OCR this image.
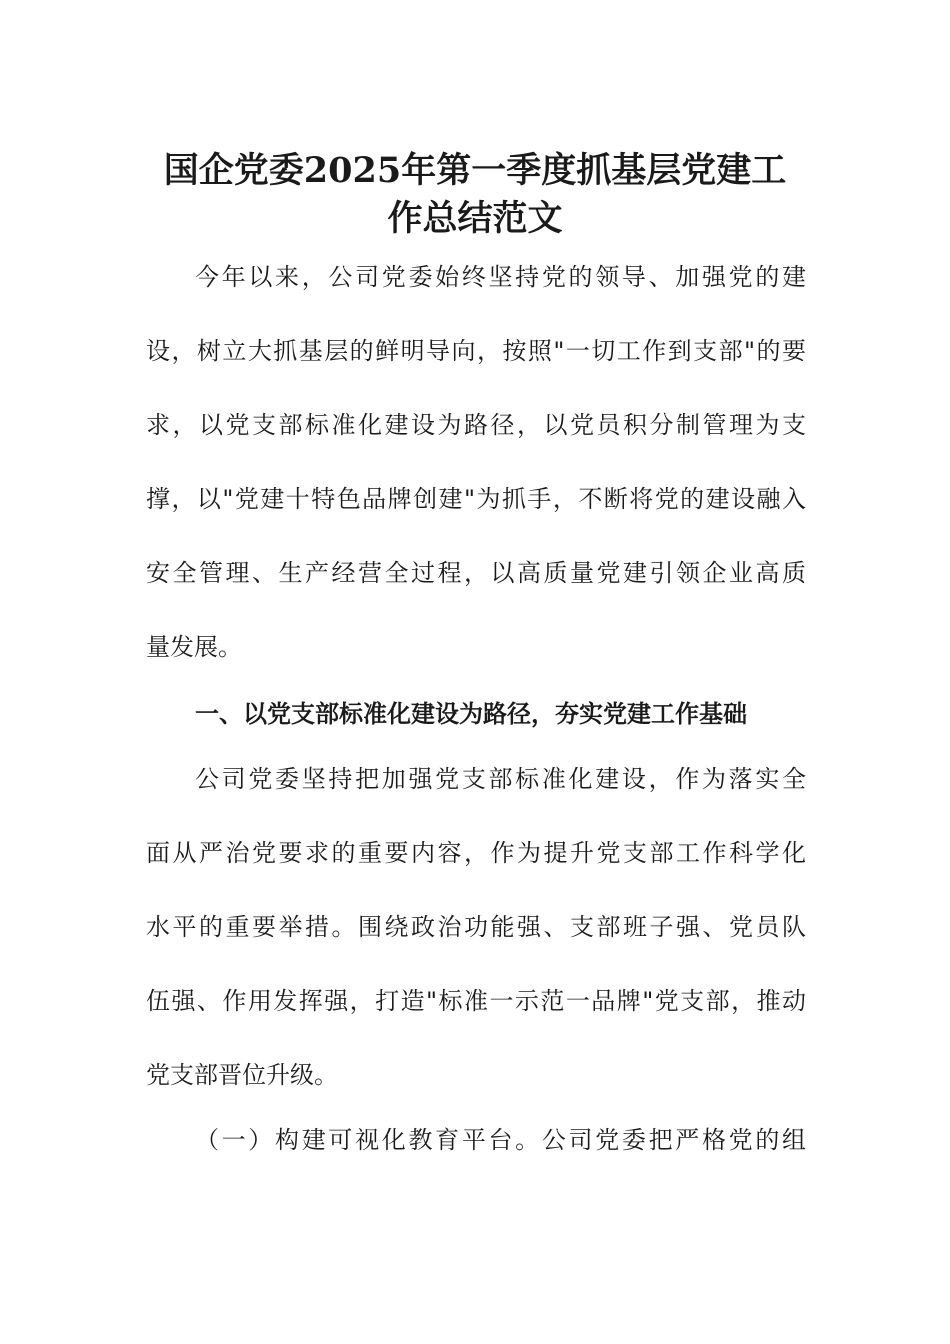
国企党委2025年第一季度抓基层党建工
作总结范文

今年以来，公司党委始终坚持党的领导、加强党的建

设，树立大抓基层的鲜明导向，按照"一切工作到支部"的要

求，以党支部标准化建设为路径，以党员积分制管理为支

撑，以"党建十特色品牌创建"为抓手，不断将党的建设融入

安全管理、生产经营全过程，以高质量党建引领企业高质

量发展。

一、以党支部标准化建设为路径，夯实党建工作基础

公司党委坚持把加强党支部标准化建设，作为落实全

面从严治党要求的重要内容，作为提升党支部工作科学化

水平的重要举措。围绕政治功能强、支部班子强、党员队

伍强、作用发挥强，打造"标准一示范一品牌"党支部，推动

党支部晋位升级。

（一）构建可视化教育平台。公司党委把严格党的组
